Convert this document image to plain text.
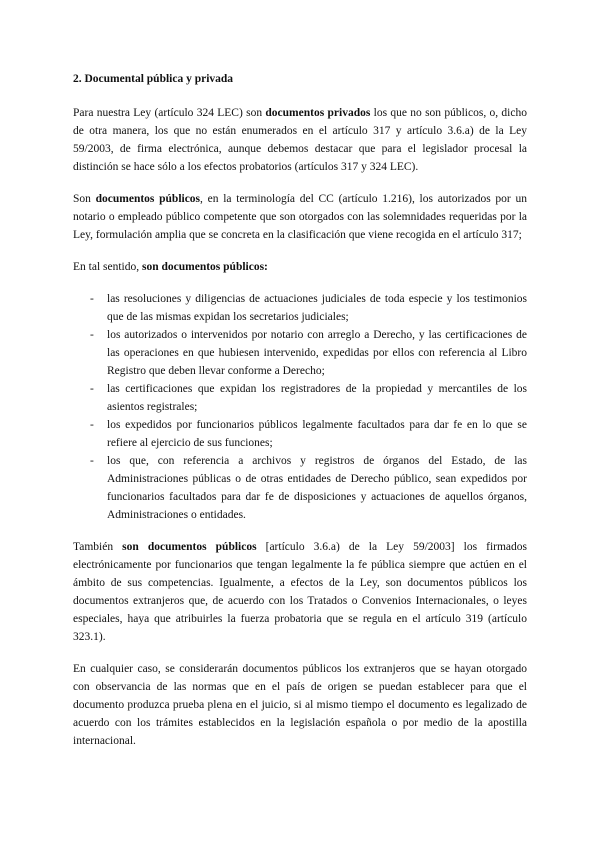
2. Documental pública y privada

Para nuestra Ley (artículo 324 LEC) son documentos privados los que no son públicos, o, dicho de otra manera, los que no están enumerados en el artículo 317 y artículo 3.6.a) de la Ley 59/2003, de firma electrónica, aunque debemos destacar que para el legislador procesal la distinción se hace sólo a los efectos probatorios (artículos 317 y 324 LEC).

Son documentos públicos, en la terminología del CC (artículo 1.216), los autorizados por un notario o empleado público competente que son otorgados con las solemnidades requeridas por la Ley, formulación amplia que se concreta en la clasificación que viene recogida en el artículo 317;

En tal sentido, son documentos públicos:

- las resoluciones y diligencias de actuaciones judiciales de toda especie y los testimonios que de las mismas expidan los secretarios judiciales;
- los autorizados o intervenidos por notario con arreglo a Derecho, y las certificaciones de las operaciones en que hubiesen intervenido, expedidas por ellos con referencia al Libro Registro que deben llevar conforme a Derecho;
- las certificaciones que expidan los registradores de la propiedad y mercantiles de los asientos registrales;
- los expedidos por funcionarios públicos legalmente facultados para dar fe en lo que se refiere al ejercicio de sus funciones;
- los que, con referencia a archivos y registros de órganos del Estado, de las Administraciones públicas o de otras entidades de Derecho público, sean expedidos por funcionarios facultados para dar fe de disposiciones y actuaciones de aquellos órganos, Administraciones o entidades.

También son documentos públicos [artículo 3.6.a) de la Ley 59/2003] los firmados electrónicamente por funcionarios que tengan legalmente la fe pública siempre que actúen en el ámbito de sus competencias. Igualmente, a efectos de la Ley, son documentos públicos los documentos extranjeros que, de acuerdo con los Tratados o Convenios Internacionales, o leyes especiales, haya que atribuirles la fuerza probatoria que se regula en el artículo 319 (artículo 323.1).

En cualquier caso, se considerarán documentos públicos los extranjeros que se hayan otorgado con observancia de las normas que en el país de origen se puedan establecer para que el documento produzca prueba plena en el juicio, si al mismo tiempo el documento es legalizado de acuerdo con los trámites establecidos en la legislación española o por medio de la apostilla internacional.
